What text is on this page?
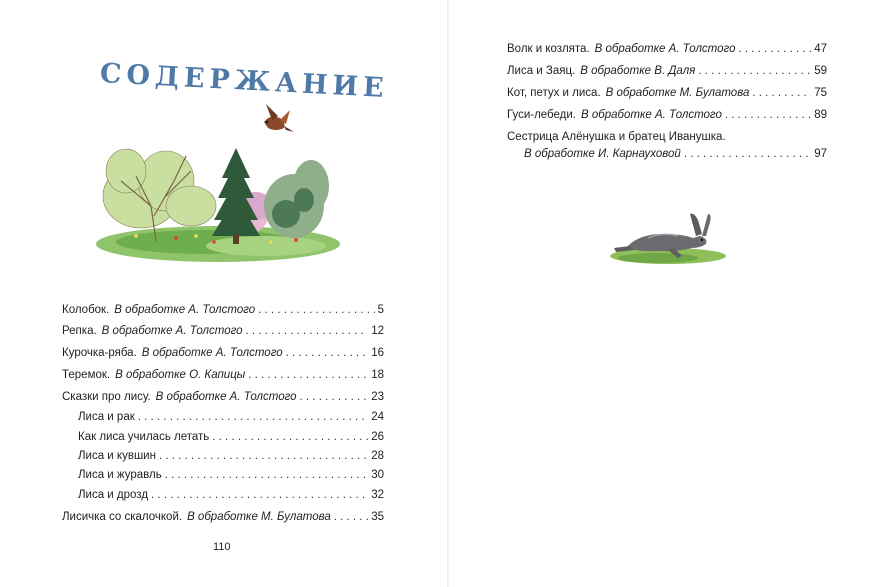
СОДЕРЖАНИЕ
Колобок. В обработке А. Толстого . . .	5
Репка. В обработке А. Толстого . . .	12
Курочка-ряба. В обработке А. Толстого . . .	16
Теремок. В обработке О. Капицы . . .	18
Сказки про лису. В обработке А. Толстого . . .	23
Лиса и рак . . .	24
Как лиса училась летать . . .	26
Лиса и кувшин . . .	28
Лиса и журавль . . .	30
Лиса и дрозд . . .	32
Лисичка со скалочкой. В обработке М. Булатова . . .	35
110
Волк и козлята. В обработке А. Толстого . . .	47
Лиса и Заяц. В обработке В. Даля . . .	59
Кот, петух и лиса. В обработке М. Булатова . . .	75
Гуси-лебеди. В обработке А. Толстого . . .	89
Сестрица Алёнушка и братец Иванушка.
В обработке И. Карнауховой . . .	97
